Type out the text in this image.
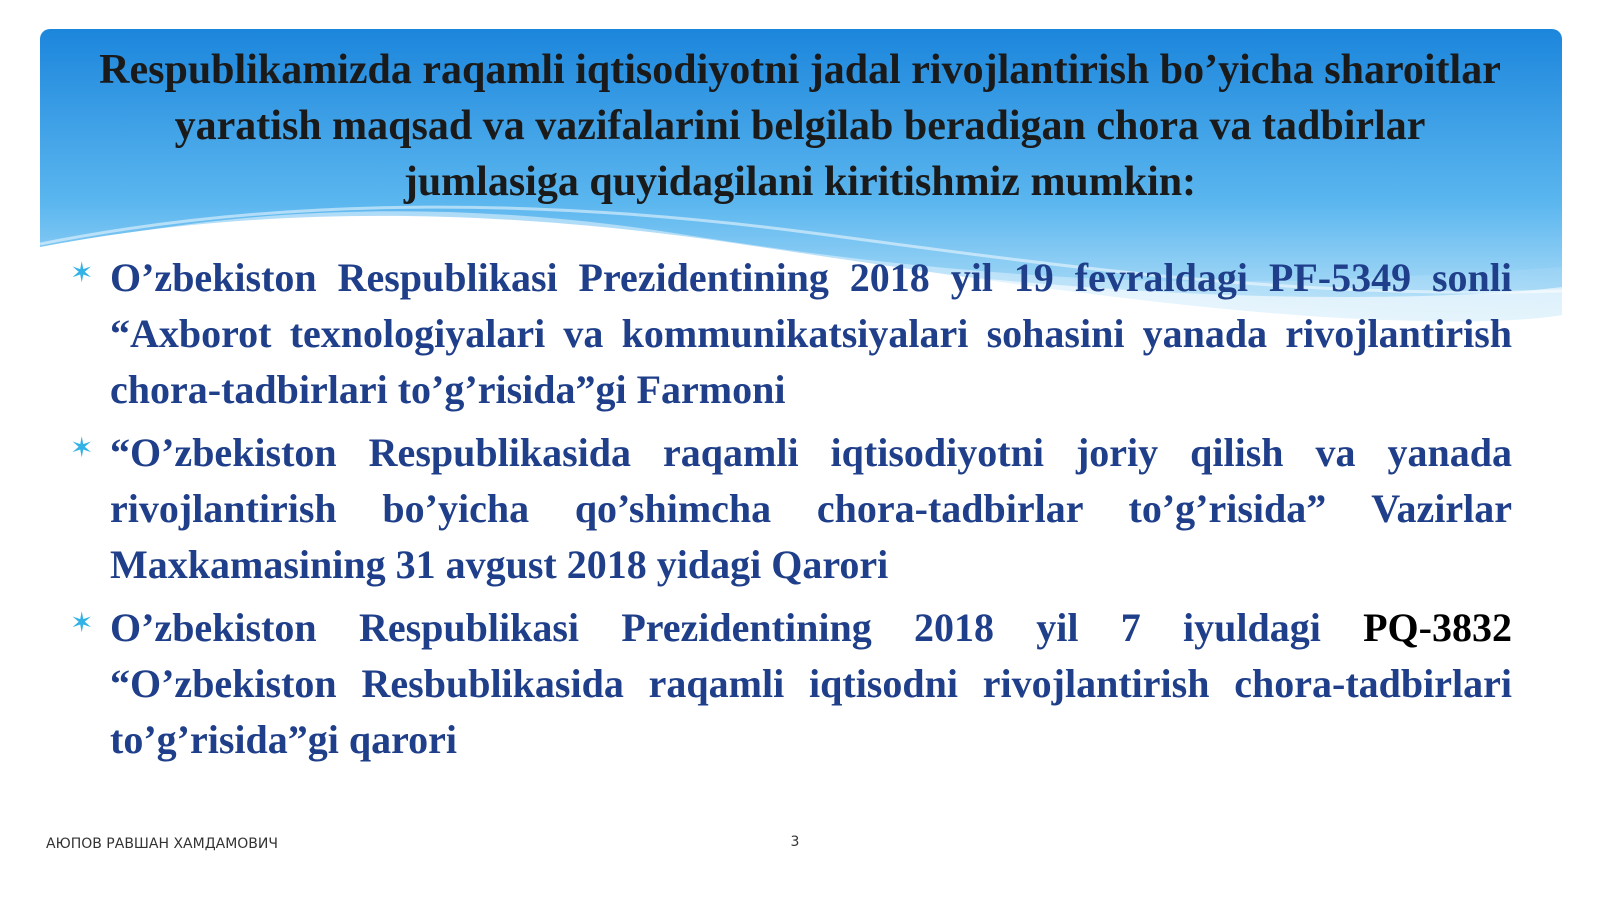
Respublikamizda raqamli iqtisodiyotni jadal rivojlantirish bo’yicha sharoitlar yaratish maqsad va vazifalarini belgilab beradigan chora va tadbirlar jumlasiga quyidagilani kiritishmiz mumkin:
✶ O’zbekiston Respublikasi Prezidentining 2018 yil 19 fevraldagi PF-5349 sonli “Axborot texnologiyalari va kommunikatsiyalari sohasini yanada rivojlantirish chora-tadbirlari to’g’risida”gi Farmoni
✶ “O’zbekiston Respublikasida raqamli iqtisodiyotni joriy qilish va yanada rivojlantirish bo’yicha qo’shimcha chora-tadbirlar to’g’risida” Vazirlar Maxkamasining 31 avgust 2018 yidagi Qarori
✶ O’zbekiston Respublikasi Prezidentining 2018 yil 7 iyuldagi PQ-3832 “O’zbekiston Resbublikasida raqamli iqtisodni rivojlantirish chora-tadbirlari to’g’risida”gi qarori
АЮПОВ РАВШАН ХАМДАМОВИЧ	3
